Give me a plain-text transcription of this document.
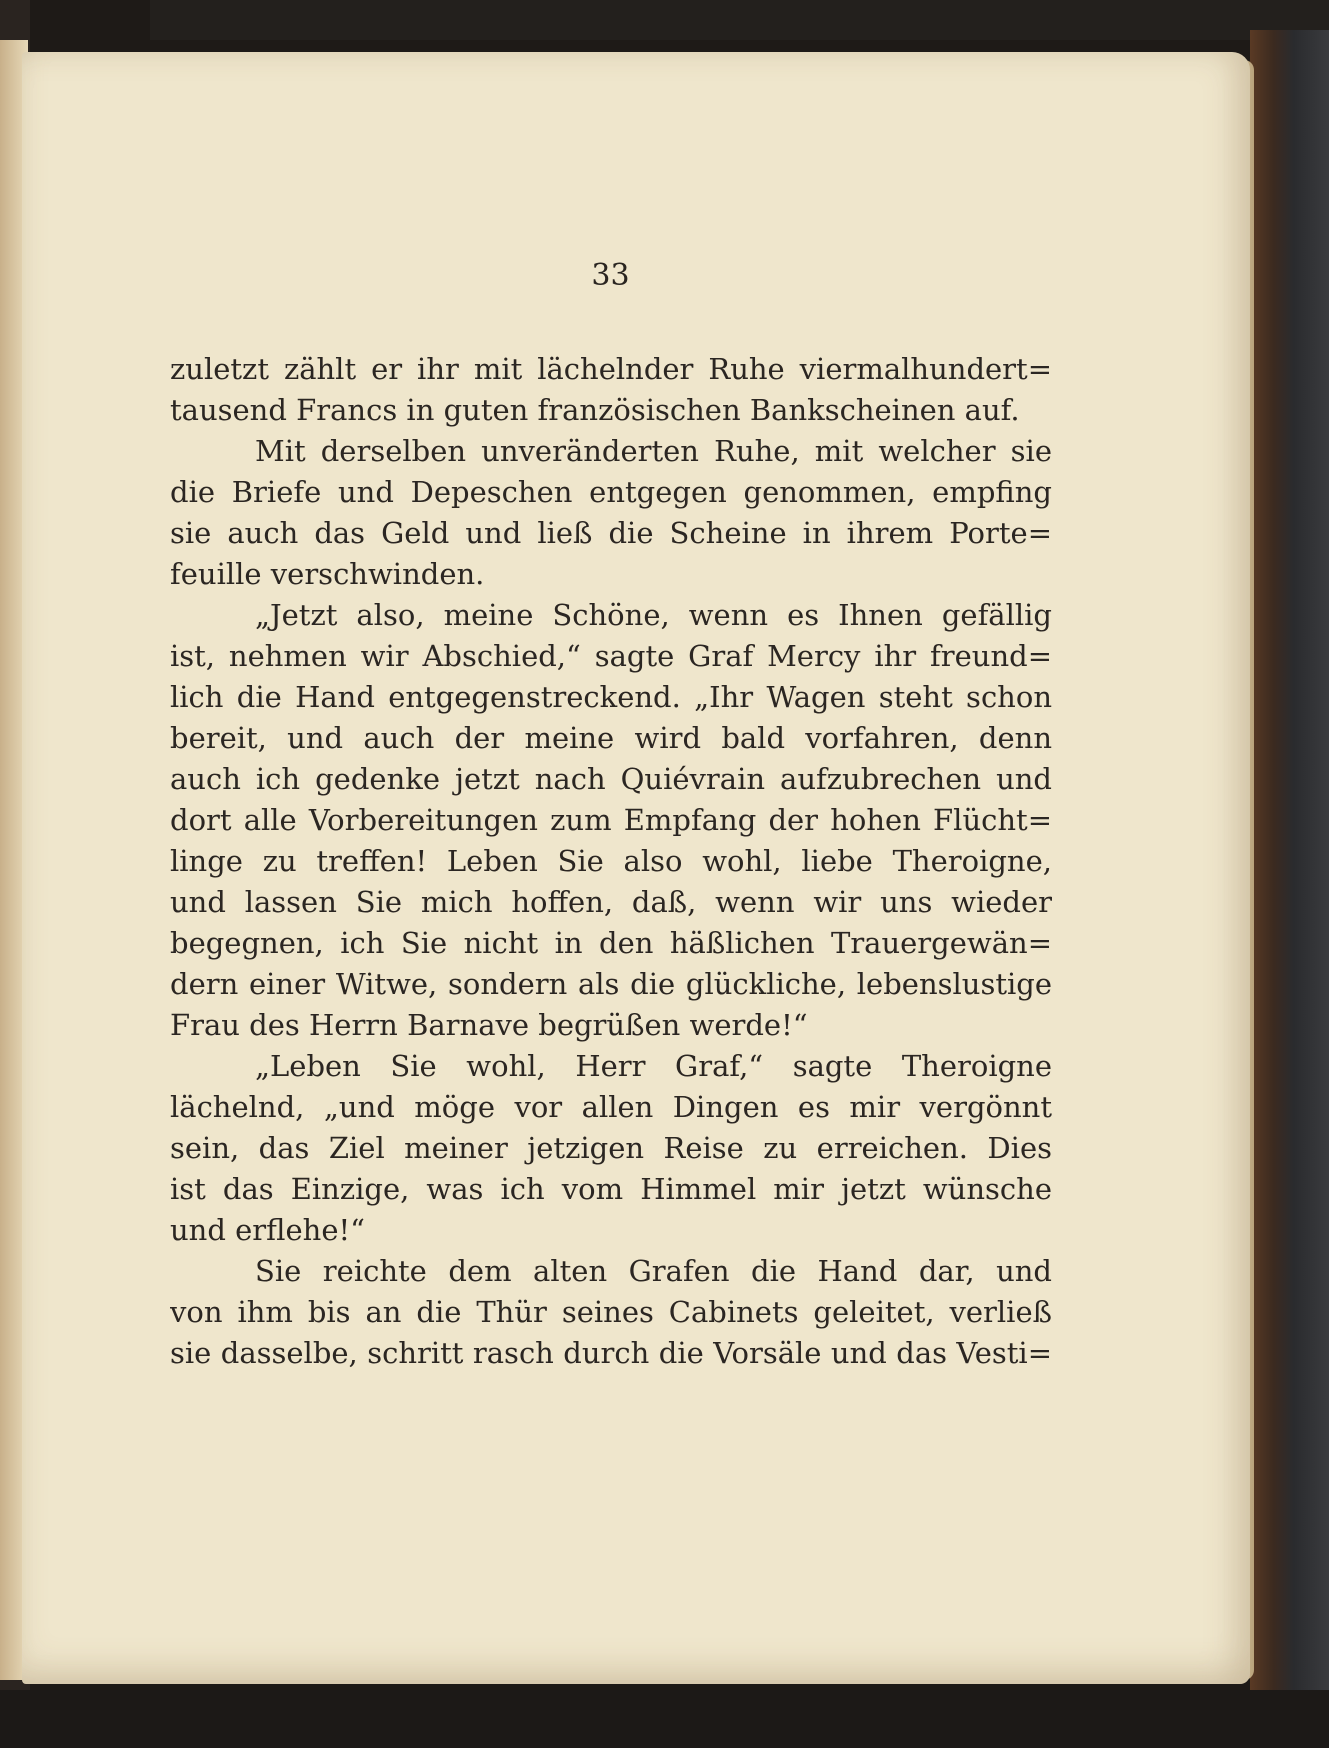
33
zuletzt zählt er ihr mit lächelnder Ruhe viermalhundert=
tausend Francs in guten französischen Bankscheinen auf.
Mit derselben unveränderten Ruhe, mit welcher sie
die Briefe und Depeschen entgegen genommen, empfing
sie auch das Geld und ließ die Scheine in ihrem Porte=
feuille verschwinden.
„Jetzt also, meine Schöne, wenn es Ihnen gefällig
ist, nehmen wir Abschied,“ sagte Graf Mercy ihr freund=
lich die Hand entgegenstreckend. „Ihr Wagen steht schon
bereit, und auch der meine wird bald vorfahren, denn
auch ich gedenke jetzt nach Quiévrain aufzubrechen und
dort alle Vorbereitungen zum Empfang der hohen Flücht=
linge zu treffen! Leben Sie also wohl, liebe Theroigne,
und lassen Sie mich hoffen, daß, wenn wir uns wieder
begegnen, ich Sie nicht in den häßlichen Trauergewän=
dern einer Witwe, sondern als die glückliche, lebenslustige
Frau des Herrn Barnave begrüßen werde!“
„Leben Sie wohl, Herr Graf,“ sagte Theroigne
lächelnd, „und möge vor allen Dingen es mir vergönnt
sein, das Ziel meiner jetzigen Reise zu erreichen. Dies
ist das Einzige, was ich vom Himmel mir jetzt wünsche
und erflehe!“
Sie reichte dem alten Grafen die Hand dar, und
von ihm bis an die Thür seines Cabinets geleitet, verließ
sie dasselbe, schritt rasch durch die Vorsäle und das Vesti=
